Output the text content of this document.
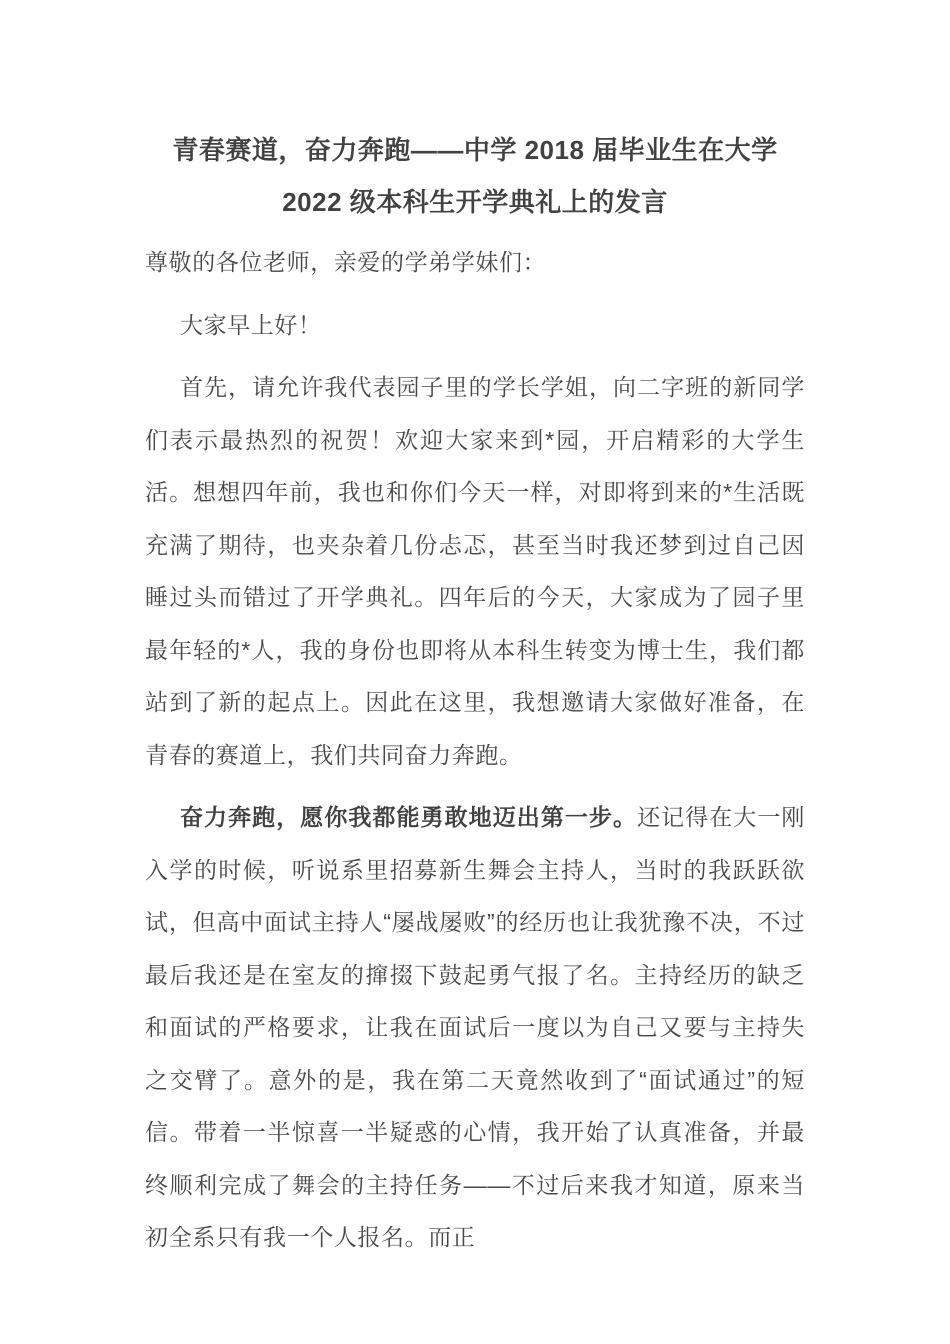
青春赛道，奋力奔跑——中学 2018 届毕业生在大学
2022 级本科生开学典礼上的发言

尊敬的各位老师，亲爱的学弟学妹们：

大家早上好！

首先，请允许我代表园子里的学长学姐，向二字班的新同学们表示最热烈的祝贺！欢迎大家来到*园，开启精彩的大学生活。想想四年前，我也和你们今天一样，对即将到来的*生活既充满了期待，也夹杂着几份忐忑，甚至当时我还梦到过自己因睡过头而错过了开学典礼。四年后的今天，大家成为了园子里最年轻的*人，我的身份也即将从本科生转变为博士生，我们都站到了新的起点上。因此在这里，我想邀请大家做好准备，在青春的赛道上，我们共同奋力奔跑。

奋力奔跑，愿你我都能勇敢地迈出第一步。还记得在大一刚入学的时候，听说系里招募新生舞会主持人，当时的我跃跃欲试，但高中面试主持人“屡战屡败”的经历也让我犹豫不决，不过最后我还是在室友的撺掇下鼓起勇气报了名。主持经历的缺乏和面试的严格要求，让我在面试后一度以为自己又要与主持失之交臂了。意外的是，我在第二天竟然收到了“面试通过”的短信。带着一半惊喜一半疑惑的心情，我开始了认真准备，并最终顺利完成了舞会的主持任务——不过后来我才知道，原来当初全系只有我一个人报名。而正
